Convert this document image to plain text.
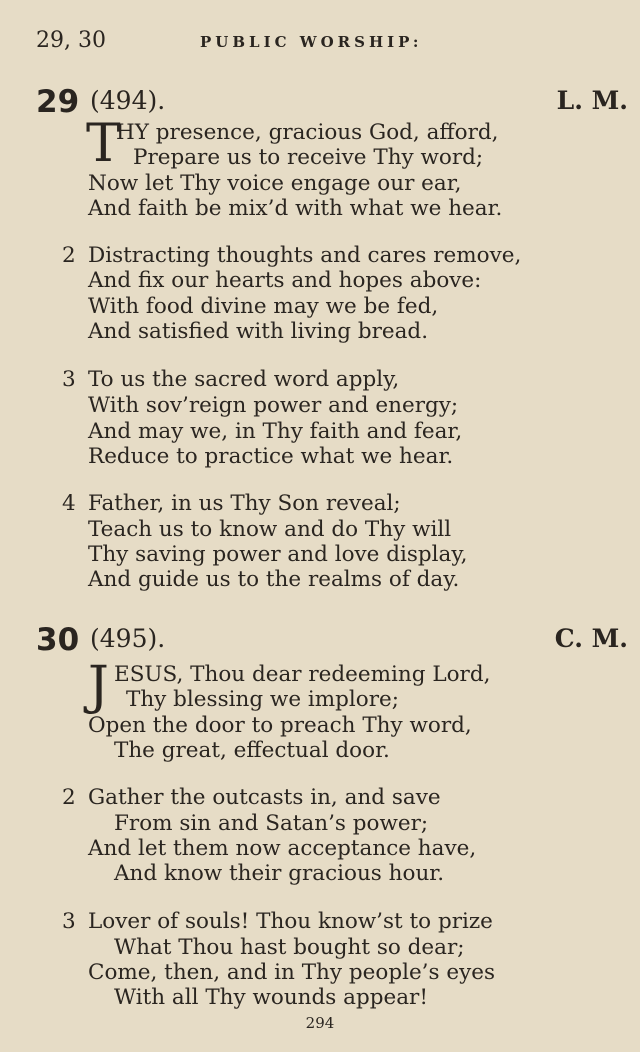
29, 30	PUBLIC WORSHIP:
29 (494).	L. M.
T
HY presence, gracious God, afford,
Prepare us to receive Thy word;
Now let Thy voice engage our ear,
And faith be mix’d with what we hear.
2 Distracting thoughts and cares remove,
And fix our hearts and hopes above:
With food divine may we be fed,
And satisfied with living bread.
3 To us the sacred word apply,
With sov’reign power and energy;
And may we, in Thy faith and fear,
Reduce to practice what we hear.
4 Father, in us Thy Son reveal;
Teach us to know and do Thy will
Thy saving power and love display,
And guide us to the realms of day.
30 (495).	C. M.
J ESUS, Thou dear redeeming Lord,
Thy blessing we implore;
Open the door to preach Thy word,
The great, effectual door.
2 Gather the outcasts in, and save
From sin and Satan’s power;
And let them now acceptance have,
And know their gracious hour.
3 Lover of souls! Thou know’st to prize
What Thou hast bought so dear;
Come, then, and in Thy people’s eyes
With all Thy wounds appear!
294
